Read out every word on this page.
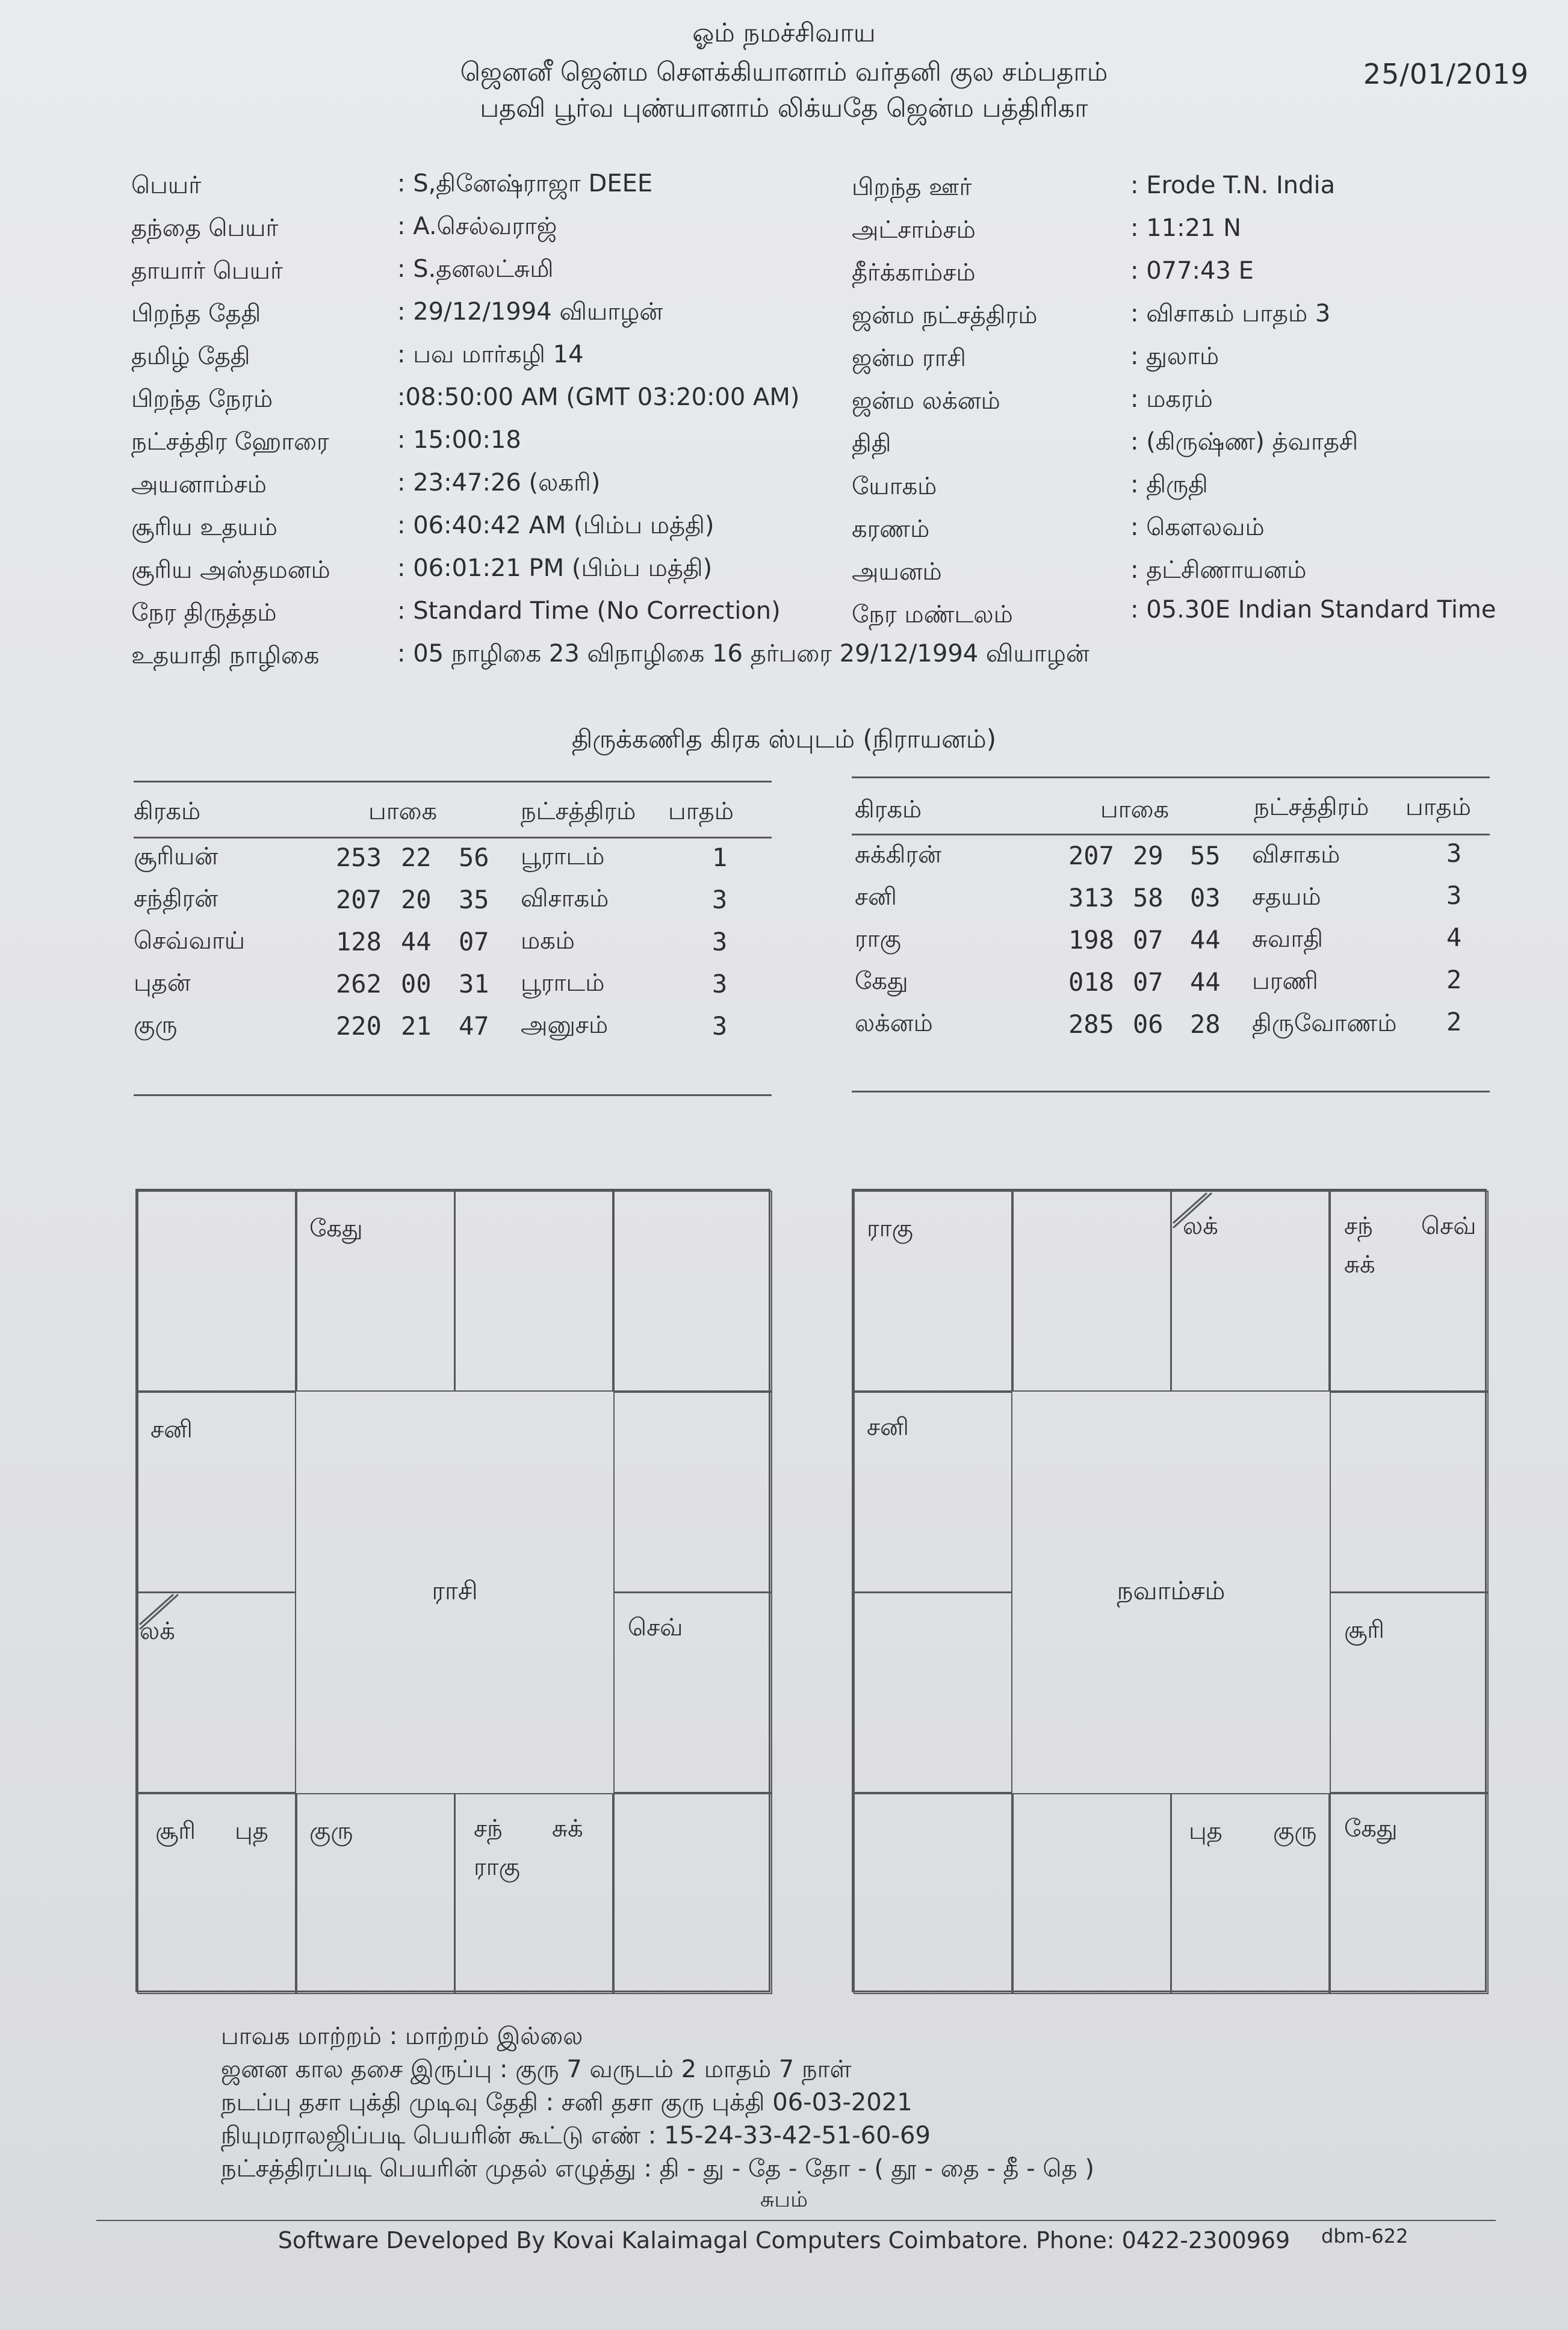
ஓம் நமச்சிவாய
ஜெனனீ ஜென்ம சௌக்கியானாம் வர்தனி குல சம்பதாம்
பதவி பூர்வ புண்யானாம் லிக்யதே ஜென்ம பத்திரிகா
25/01/2019
பெயர்	: S,தினேஷ்ராஜா DEEE
தந்தை பெயர்	: A.செல்வராஜ்
தாயார் பெயர்	: S.தனலட்சுமி
பிறந்த தேதி	: 29/12/1994 வியாழன்
தமிழ் தேதி	: பவ மார்கழி 14
பிறந்த நேரம்	:08:50:00 AM (GMT 03:20:00 AM)
நட்சத்திர ஹோரை	: 15:00:18
அயனாம்சம்	: 23:47:26 (லகரி)
சூரிய உதயம்	: 06:40:42 AM (பிம்ப மத்தி)
சூரிய அஸ்தமனம்	: 06:01:21 PM (பிம்ப மத்தி)
நேர திருத்தம்	: Standard Time (No Correction)
உதயாதி நாழிகை	: 05 நாழிகை 23 விநாழிகை 16 தர்பரை 29/12/1994 வியாழன்
பிறந்த ஊர்	: Erode T.N. India
அட்சாம்சம்	: 11:21 N
தீர்க்காம்சம்	: 077:43 E
ஜன்ம நட்சத்திரம்	: விசாகம் பாதம் 3
ஜன்ம ராசி	: துலாம்
ஜன்ம லக்னம்	: மகரம்
திதி	: (கிருஷ்ண) த்வாதசி
யோகம்	: திருதி
கரணம்	: கௌலவம்
அயனம்	: தட்சிணாயனம்
நேர மண்டலம்	: 05.30E Indian Standard Time
திருக்கணித கிரக ஸ்புடம் (நிராயனம்)
கிரகம்	பாகை	நட்சத்திரம் பாதம்
சூரியன்	253 22 56 பூராடம்	1
சந்திரன்	207 20 35 விசாகம்	3
செவ்வாய்	128 44 07 மகம்	3
புதன்	262 00 31 பூராடம்	3
குரு	220 21 47 அனுசம்	3
கிரகம்	பாகை	நட்சத்திரம் பாதம்
சுக்கிரன்	207 29 55 விசாகம்	3
சனி	313 58 03 சதயம்	3
ராகு	198 07 44 சுவாதி	4
கேது	018 07 44 பரணி	2
லக்னம்	285 06 28 திருவோணம் 2
கேது
சனி
லக்	செவ்
சூரி புத குரு	சந் சுக்
ராகு
ராசி
ராகு	லக்	சந் செவ்
சுக்
சனி
சூரி
புத குரு கேது
நவாம்சம்
பாவக மாற்றம் : மாற்றம் இல்லை
ஜனன கால தசை இருப்பு : குரு 7 வருடம் 2 மாதம் 7 நாள்
நடப்பு தசா புக்தி முடிவு தேதி : சனி தசா குரு புக்தி 06-03-2021
நியுமராலஜிப்படி பெயரின் கூட்டு எண் : 15-24-33-42-51-60-69
நட்சத்திரப்படி பெயரின் முதல் எழுத்து : தி - து - தே - தோ - ( தூ - தை - தீ - தெ )
சுபம்
Software Developed By Kovai Kalaimagal Computers Coimbatore. Phone: 0422-2300969	dbm-622
